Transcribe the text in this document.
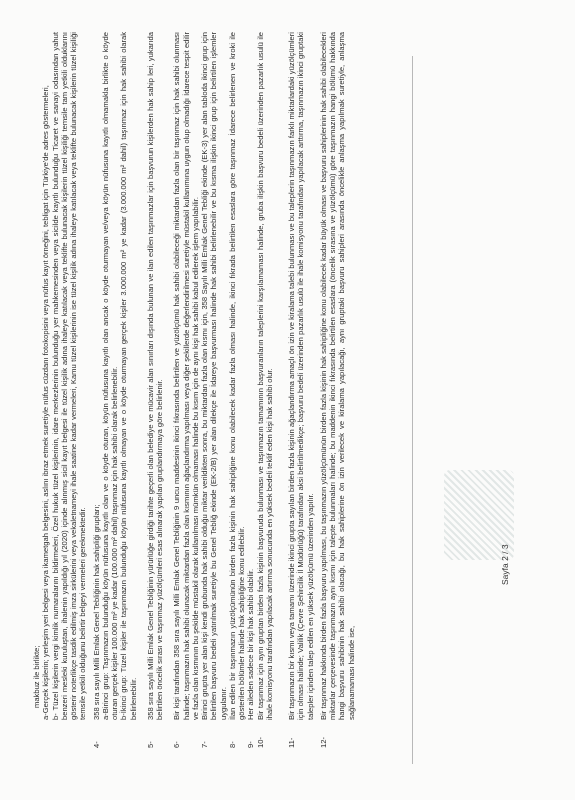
makbuz ile birlikte; a-Gerçek kişilerin; yerleşim yeri belgesi veya ikametgah belgesini, aslını ibraz etmek suretiyle nüfus cüzdanı fotokopisini veya nüfus kayıt örneğini, tebligat için Türkiye'de adres göstermeleri, b- Tüzel kişilerin vergi kimlik numaralarını bildirmeleri, Özel hukuk tüzel kişilerinin, idare merkezlerinin bulunduğu yer mahkemesinden veya sicilde kayıtlı bulunduğu Ticaret ve sanayi odasından yahut benzeri mesleki kuruluştan, ihalenin yapıldığı yıl (2020) içinde alınmış sicil kayıt belgesi ile tüzel kişilik adına ihaleye katılacak veya teklifte bulunacak kişilerin tüzel kişiliği temsile tam yetkili olduklarını gösterir noterlikçe tasdik edilmiş imza sirkülerini veya vekaletnameyi ihale saatine kadar vermeleri, Kamu tüzel kişilerinin ise tüzel kişilik adına ihaleye katılacak veya teklifte bulunacak kişilerin tüzel kişiliği temsile yetkili olduğunu belirtir belgeyi vermeleri gerekmektedir.
4-
358 sıra sayılı Milli Emlak Genel Tebliğinin hak sahipliği grupları; a-Birinci grup: Taşınmazın bulunduğu köyün nüfusuna kayıtlı olan ve o köyde oturan, köyün nüfusuna kayıtlı olan ancak o köyde oturmayan ve/veya köyün nüfusuna kayıtlı olmamakla birlikte o köyde oturan gerçek kişiler 100.000 m² ye kadar (100.000 m² dahil) taşınmaz için hak sahibi olarak belirlenebilir. b-İkinci grup: Tüzel kişiler ile taşınmazın bulunduğu köyün nüfusuna kayıtlı olmayan ve o köyde oturmayan gerçek kişiler 3.000.000 m² ye kadar (3.000.000 m² dahil) taşınmaz için hak sahibi olarak belirlenebilir.
5-
358 sıra sayılı Milli Emlak Genel Tebliğinin yürürlüğe girdiği tarihte geçerli olan belediye ve mücavir alan sınırları dışında bulunan ve ilan edilen taşınmazlar için başvurun kişilerden hak sahip leri, yukarıda belirtilen öncelik sırası ve taşınmaz yüzölçümleri esas alınarak yapılan gruplandırmaya göre belirlenir.
6-
Bir kişi tarafından 358 sıra sayılı Milli Emlak Genel Tebliğinin 9 uncu maddesinin ikinci fıkrasında belirtilen ve yüzölçümü hak sahibi olabileceği miktardan fazla olan bir taşınmaz için hak sahibi olunması halinde; taşınmazın hak sahibi olunacak miktardan fazla olan kısmının ağaçlandırma yapılması veya diğer şekillerde değerlendirilmesi suretiyle müstakil kullanımına uygun olup olmadığı İdarece tespit edilir ve fazla olan kısmının bu şekilde müstakil olarak kullanılması mümkün olmaması halinde bu kısım için de aynı kişi hak sahibi kabul edilerek işlem yapılabilir.
7-
Birinci grupta yer alan kişi kendi grubunda hak sahibi olduğu miktar verildikten sonra, bu miktardan fazla olan kısmı için, 358 Sayılı Milli Emlak Genel Tebliği ekinde (EK-3) yer alan tabloda ikinci grup için belirtilen başvuru bedeli yatırılmak suretiyle bu Genel Tebliğ ekinde (EK-2/B) yer alan dilekçe ile İdareye başvurması halinde hak sahibi belirlenebilir ve bu kısma ilişkin ikinci grup için belirtilen işlemler uygulanır.
8-
İlan edilen bir taşınmazın yüzölçümünün birden fazla kişinin hak sahipliğine konu olabilecek kadar fazla olması halinde, ikinci fıkrada belirtilen esaslara göre taşınmaz İdarece belirlenen ve kroki ile gösterilen bölümler halinde hak sahipliğine konu edilebilir.
9-
Her aileden sadece bir kişi hak sahibi olabilir.
10-
Bir taşınmaz için aynı gruptan birden fazla kişinin başvuruda bulunması ve taşınmazın tamamının başvuranların taleplerini karşılamaması halinde, gruba ilişkin başvuru bedeli üzerinden pazarlık usulü ile ihale komisyonu tarafından yapılacak artırma sonucunda en yüksek bedeli teklif eden kişi hak sahibi olur.
11-
Bir taşınmazın bir kısmı veya tamamı üzerinde ikinci grupta sayılan birden fazla kişinin ağaçlandırma amaçlı ön izin ve kiralama talebi bulunması ve bu taleplerin taşınmazın farklı miktarlardaki yüzölçümleri için olması halinde; Valilik (Çevre Şehircilik İl Müdürlüğü) tarafından aksi belirtilmedikçe; başvuru bedeli üzerinden pazarlık usulü ile ihale komisyonu tarafından yapılacak arttırma, taşınmazın ikinci gruptaki talepler içinden talep edilen en yüksek yüzölçümü üzerinden yapılır.
12-
Bir taşınmaz hakkında birden fazla başvuru yapılması, bu taşınmazın yüzölçümünün birden fazla kişinin hak sahipliğine konu olabilecek kadar büyük olması ve başvuru sahiplerinin hak sahibi olabilecekleri miktarlar çerçevesinde taşınmazın aynı kısmı için talepte bulunmaları halinde; bu maddenin ikinci fıkrasında belirtilen esaslara (öncelik sırasına ve yüzölçümü) göre taşınmazın hangi bölümü hakkında hangi başvuru sahibinin hak sahibi olacağı, bu hak sahiplerine ön izin verilecek ve kiralama yapılacağı, aynı gruptaki başvuru sahipleri arasında öncelikle anlaşma yapılmak suretiyle, anlaşma sağlanamaması halinde ise,
Sayfa 2 / 3
